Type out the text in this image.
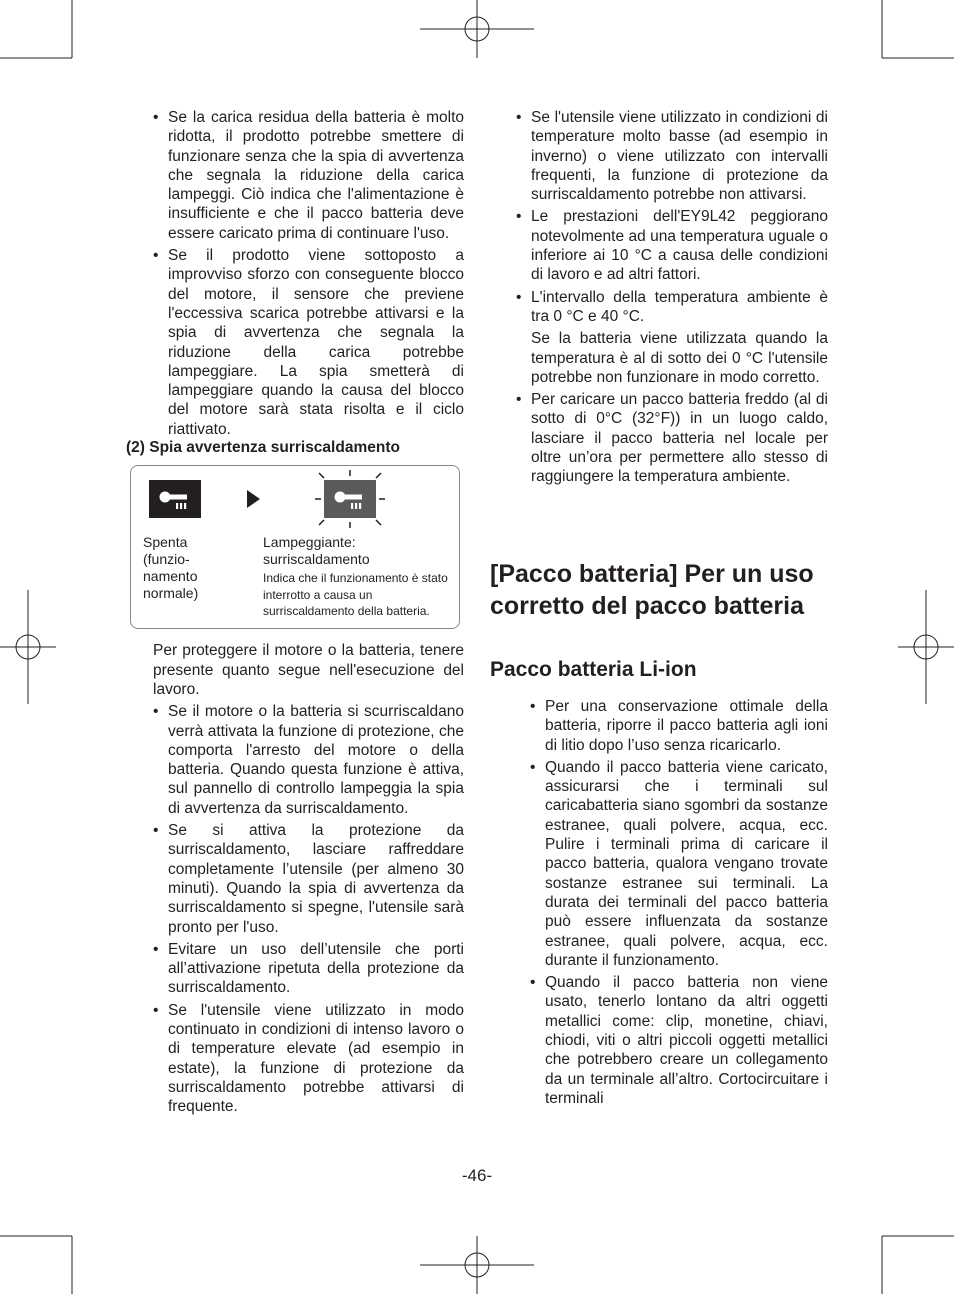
• Se la carica residua della batteria è molto ridotta, il prodotto potrebbe smettere di funzionare senza che la spia di avvertenza che segnala la riduzione della carica lampeggi. Ciò indica che l'alimentazione è insufficiente e che il pacco batteria deve essere caricato prima di continuare l'uso.
• Se il prodotto viene sottoposto a improvviso sforzo con conseguente blocco del motore, il sensore che previene l'eccessiva scarica potrebbe attivarsi e la spia di avvertenza che segnala la riduzione della carica potrebbe lampeggiare. La spia smetterà di lampeggiare quando la causa del blocco del motore sarà stata risolta e il ciclo riattivato.
(2) Spia avvertenza surriscaldamento
Spenta
(funzio-
namento
normale)
Lampeggiante:
surriscaldamento
Indica che il funzionamento è stato interrotto a causa un surriscaldamento della batteria.
Per proteggere il motore o la batteria, tenere presente quanto segue nell'esecuzione del lavoro.
• Se il motore o la batteria si scurriscaldano verrà attivata la funzione di protezione, che comporta l'arresto del motore o della batteria. Quando questa funzione è attiva, sul pannello di controllo lampeggia la spia di avvertenza da surriscaldamento.
• Se si attiva la protezione da surriscaldamento, lasciare raffreddare completamente l’utensile (per almeno 30 minuti). Quando la spia di avvertenza da surriscaldamento si spegne, l'utensile sarà pronto per l'uso.
• Evitare un uso dell’utensile che porti all’attivazione ripetuta della protezione da surriscaldamento.
• Se l'utensile viene utilizzato in modo continuato in condizioni di intenso lavoro o di temperature elevate (ad esempio in estate), la funzione di protezione da surriscaldamento potrebbe attivarsi di frequente.
• Se l'utensile viene utilizzato in condizioni di temperature molto basse (ad esempio in inverno) o viene utilizzato con intervalli frequenti, la funzione di protezione da surriscaldamento potrebbe non attivarsi.
• Le prestazioni dell'EY9L42 peggiorano notevolmente ad una temperatura uguale o inferiore ai 10 °C a causa delle condizioni di lavoro e ad altri fattori.
• L'intervallo della temperatura ambiente è tra 0 °C e 40 °C.
Se la batteria viene utilizzata quando la temperatura è al di sotto dei 0 °C l'utensile potrebbe non funzionare in modo corretto.
• Per caricare un pacco batteria freddo (al di sotto di 0°C (32°F)) in un luogo caldo, lasciare il pacco batteria nel locale per oltre un’ora per permettere allo stesso di raggiungere la temperatura ambiente.
[Pacco batteria] Per un uso corretto del pacco batteria
Pacco batteria Li-ion
• Per una conservazione ottimale della batteria, riporre il pacco batteria agli ioni di litio dopo l’uso senza ricaricarlo.
• Quando il pacco batteria viene caricato, assicurarsi che i terminali sul caricabatteria siano sgombri da sostanze estranee, quali polvere, acqua, ecc. Pulire i terminali prima di caricare il pacco batteria, qualora vengano trovate sostanze estranee sui terminali. La durata dei terminali del pacco batteria può essere influenzata da sostanze estranee, quali polvere, acqua, ecc. durante il funzionamento.
• Quando il pacco batteria non viene usato, tenerlo lontano da altri oggetti metallici come: clip, monetine, chiavi, chiodi, viti o altri piccoli oggetti metallici che potrebbero creare un collegamento da un terminale all’altro. Cortocircuitare i terminali
-46-
